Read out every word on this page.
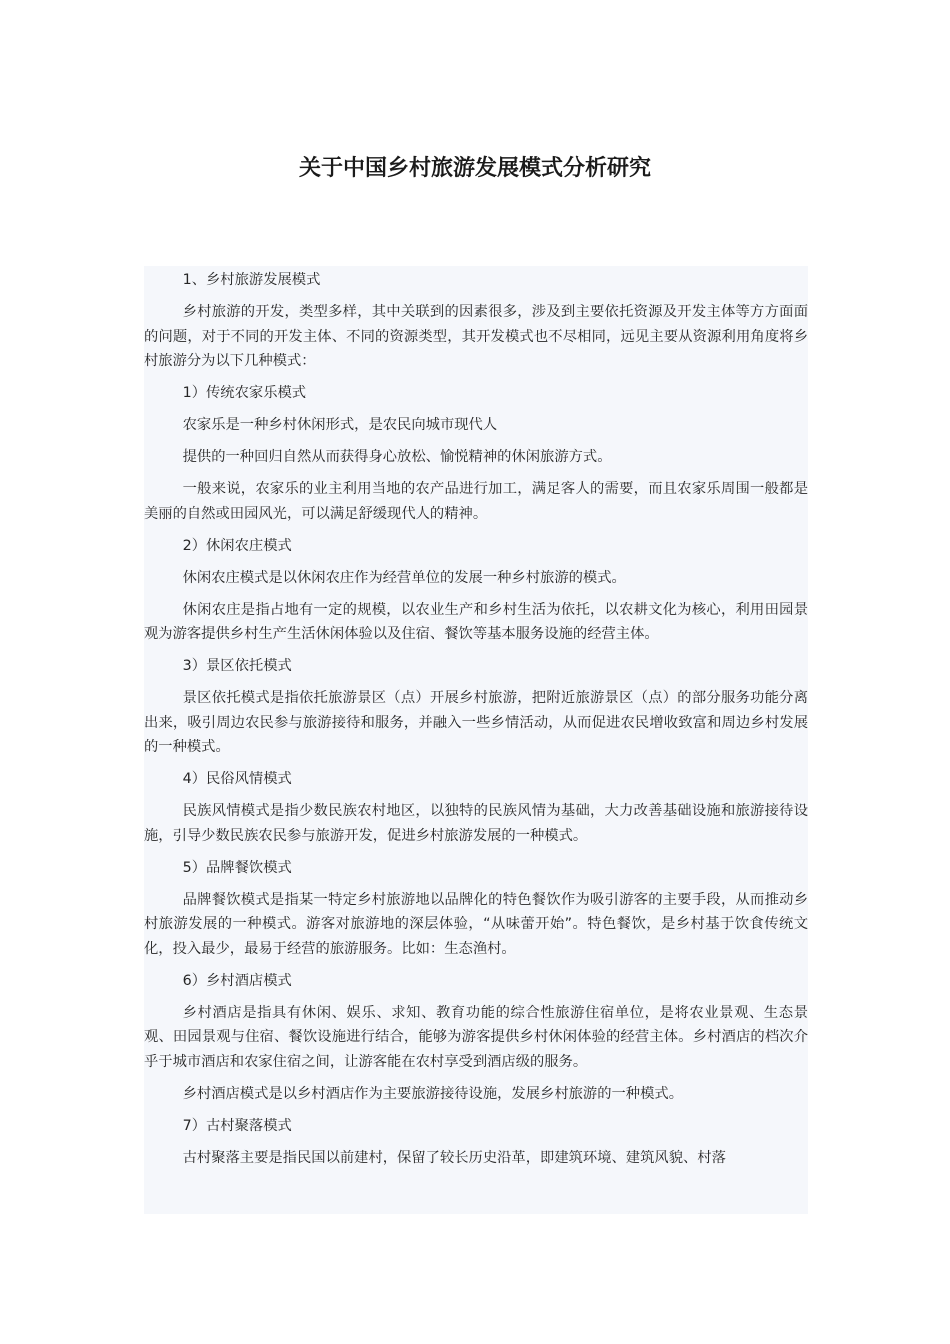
关于中国乡村旅游发展模式分析研究

1、乡村旅游发展模式

乡村旅游的开发，类型多样，其中关联到的因素很多，涉及到主要依托资源及开发主体等方方面面的问题，对于不同的开发主体、不同的资源类型，其开发模式也不尽相同，远见主要从资源利用角度将乡村旅游分为以下几种模式：

1）传统农家乐模式

农家乐是一种乡村休闲形式，是农民向城市现代人

提供的一种回归自然从而获得身心放松、愉悦精神的休闲旅游方式。

一般来说，农家乐的业主利用当地的农产品进行加工，满足客人的需要，而且农家乐周围一般都是美丽的自然或田园风光，可以满足舒缓现代人的精神。

2）休闲农庄模式

休闲农庄模式是以休闲农庄作为经营单位的发展一种乡村旅游的模式。

休闲农庄是指占地有一定的规模，以农业生产和乡村生活为依托，以农耕文化为核心，利用田园景观为游客提供乡村生产生活休闲体验以及住宿、餐饮等基本服务设施的经营主体。

3）景区依托模式

景区依托模式是指依托旅游景区（点）开展乡村旅游，把附近旅游景区（点）的部分服务功能分离出来，吸引周边农民参与旅游接待和服务，并融入一些乡情活动，从而促进农民增收致富和周边乡村发展的一种模式。

4）民俗风情模式

民族风情模式是指少数民族农村地区，以独特的民族风情为基础，大力改善基础设施和旅游接待设施，引导少数民族农民参与旅游开发，促进乡村旅游发展的一种模式。

5）品牌餐饮模式

品牌餐饮模式是指某一特定乡村旅游地以品牌化的特色餐饮作为吸引游客的主要手段，从而推动乡村旅游发展的一种模式。游客对旅游地的深层体验，“从味蕾开始”。特色餐饮，是乡村基于饮食传统文化，投入最少，最易于经营的旅游服务。比如：生态渔村。

6）乡村酒店模式

乡村酒店是指具有休闲、娱乐、求知、教育功能的综合性旅游住宿单位，是将农业景观、生态景观、田园景观与住宿、餐饮设施进行结合，能够为游客提供乡村休闲体验的经营主体。乡村酒店的档次介乎于城市酒店和农家住宿之间，让游客能在农村享受到酒店级的服务。

乡村酒店模式是以乡村酒店作为主要旅游接待设施，发展乡村旅游的一种模式。

7）古村聚落模式

古村聚落主要是指民国以前建村，保留了较长历史沿革，即建筑环境、建筑风貌、村落
